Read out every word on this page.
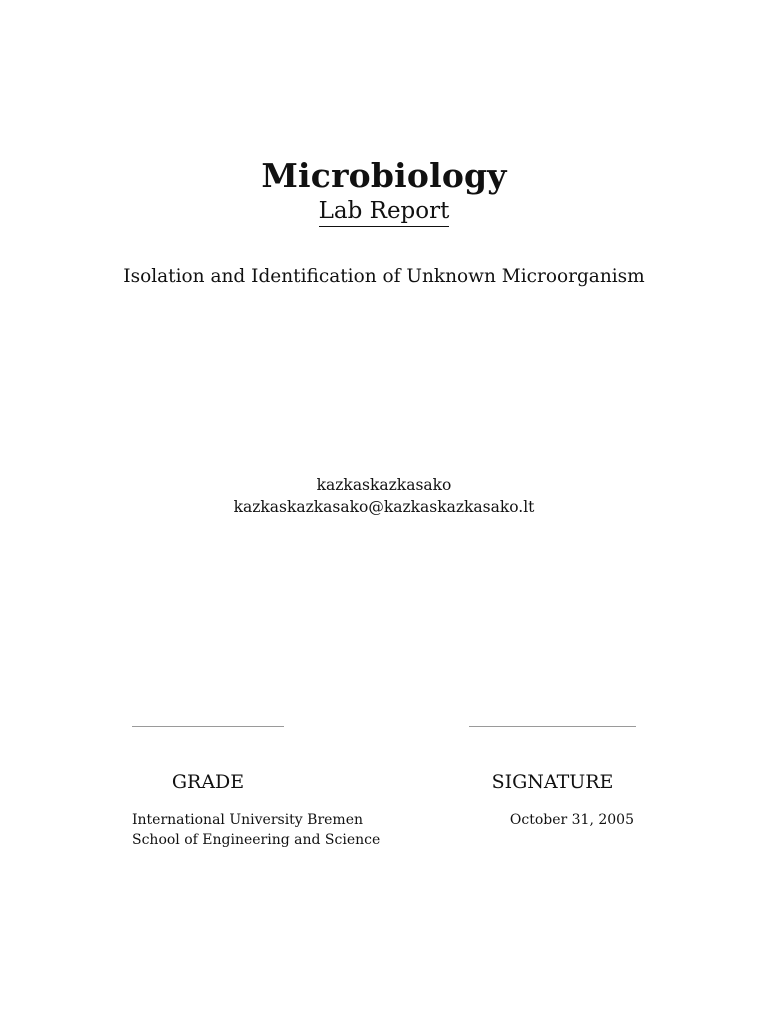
Microbiology
Lab Report
Isolation and Identification of Unknown Microorganism
kazkaskazkasako
kazkaskazkasako@kazkaskazkasako.lt
GRADE	SIGNATURE
International University Bremen
School of Engineering and Science
October 31, 2005
